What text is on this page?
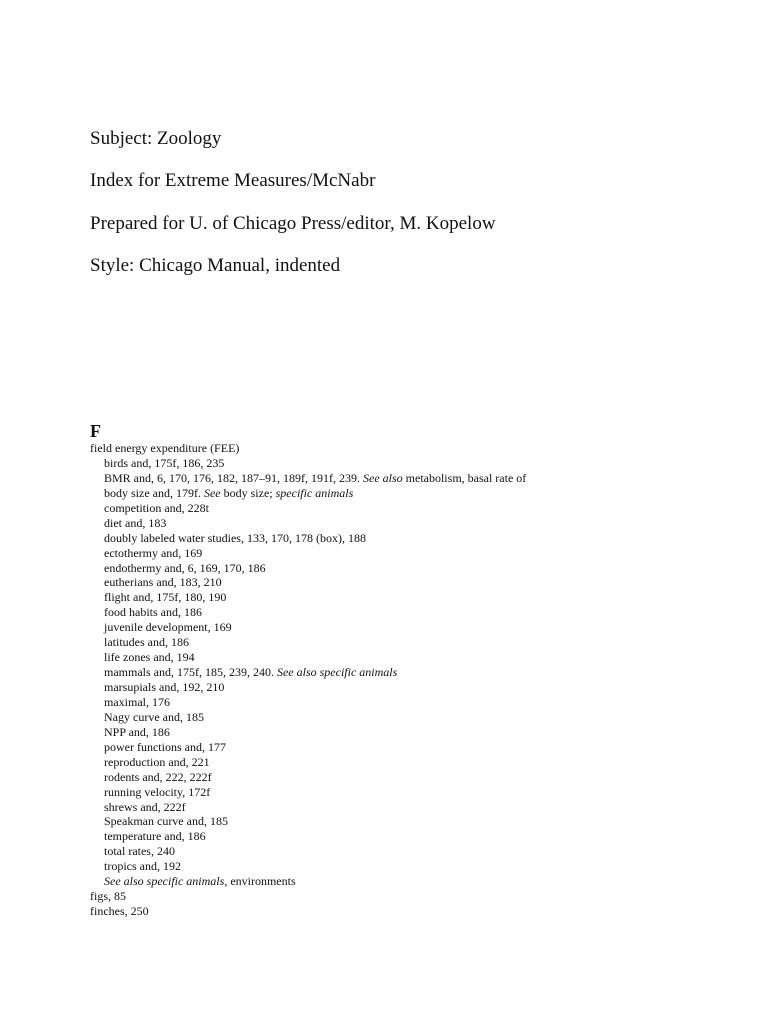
Subject: Zoology
Index for Extreme Measures/McNabr
Prepared for U. of Chicago Press/editor, M. Kopelow
Style: Chicago Manual, indented
F
field energy expenditure (FEE)
birds and, 175f, 186, 235
BMR and, 6, 170, 176, 182, 187–91, 189f, 191f, 239. See also metabolism, basal rate of
body size and, 179f. See body size; specific animals
competition and, 228t
diet and, 183
doubly labeled water studies, 133, 170, 178 (box), 188
ectothermy and, 169
endothermy and, 6, 169, 170, 186
eutherians and, 183, 210
flight and, 175f, 180, 190
food habits and, 186
juvenile development, 169
latitudes and, 186
life zones and, 194
mammals and, 175f, 185, 239, 240. See also specific animals
marsupials and, 192, 210
maximal, 176
Nagy curve and, 185
NPP and, 186
power functions and, 177
reproduction and, 221
rodents and, 222, 222f
running velocity, 172f
shrews and, 222f
Speakman curve and, 185
temperature and, 186
total rates, 240
tropics and, 192
See also specific animals, environments
figs, 85
finches, 250
